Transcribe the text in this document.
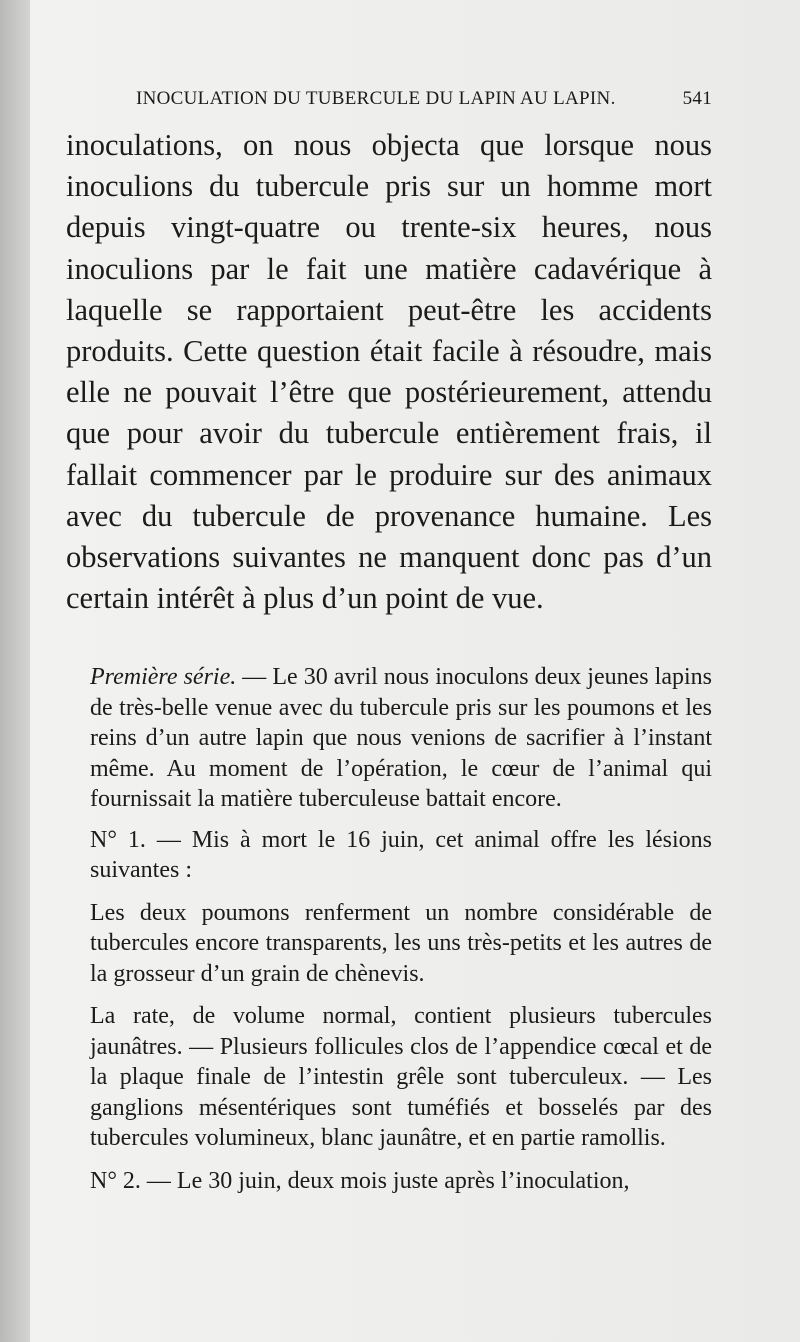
INOCULATION DU TUBERCULE DU LAPIN AU LAPIN.	541

inoculations, on nous objecta que lorsque nous inoculions du tubercule pris sur un homme mort depuis vingt-quatre ou trente-six heures, nous inoculions par le fait une matière cadavérique à laquelle se rapportaient peut-être les accidents produits. Cette question était facile à résoudre, mais elle ne pouvait l’être que postérieurement, attendu que pour avoir du tubercule entièrement frais, il fallait commencer par le produire sur des animaux avec du tubercule de provenance humaine. Les observations suivantes ne manquent donc pas d’un certain intérêt à plus d’un point de vue.

Première série. — Le 30 avril nous inoculons deux jeunes lapins de très-belle venue avec du tubercule pris sur les poumons et les reins d’un autre lapin que nous venions de sacrifier à l’instant même. Au moment de l’opération, le cœur de l’animal qui fournissait la matière tuberculeuse battait encore.

N° 1. — Mis à mort le 16 juin, cet animal offre les lésions suivantes :

Les deux poumons renferment un nombre considérable de tubercules encore transparents, les uns très-petits et les autres de la grosseur d’un grain de chènevis.

La rate, de volume normal, contient plusieurs tubercules jaunâtres. — Plusieurs follicules clos de l’appendice cœcal et de la plaque finale de l’intestin grêle sont tuberculeux. — Les ganglions mésentériques sont tuméfiés et bosselés par des tubercules volumineux, blanc jaunâtre, et en partie ramollis.

N° 2. — Le 30 juin, deux mois juste après l’inoculation,
